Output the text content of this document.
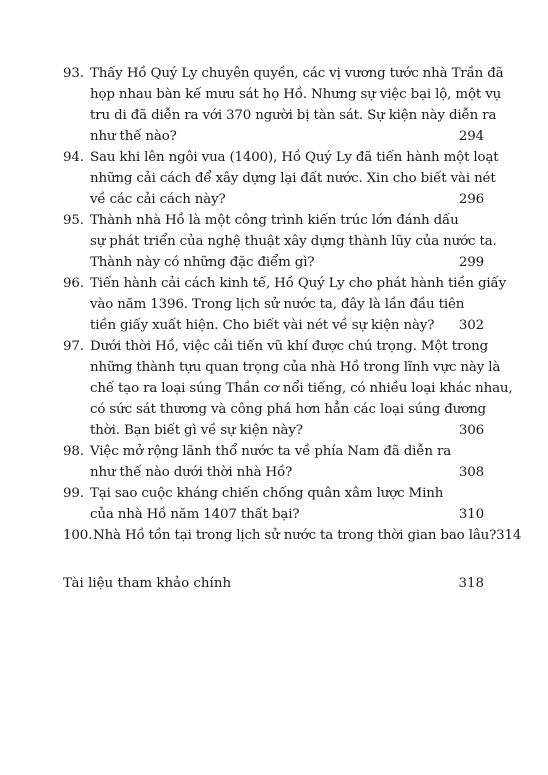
93. Thấy Hồ Quý Ly chuyên quyền, các vị vương tước nhà Trần đã
họp nhau bàn kế mưu sát họ Hồ. Nhưng sự việc bại lộ, một vụ
tru di đã diễn ra với 370 người bị tàn sát. Sự kiện này diễn ra
như thế nào?	294
94. Sau khi lên ngôi vua (1400), Hồ Quý Ly đã tiến hành một loạt
những cải cách để xây dựng lại đất nước. Xin cho biết vài nét
về các cải cách này?	296
95. Thành nhà Hồ là một công trình kiến trúc lớn đánh dấu
sự phát triển của nghệ thuật xây dựng thành lũy của nước ta.
Thành này có những đặc điểm gì?	299
96. Tiến hành cải cách kinh tế, Hồ Quý Ly cho phát hành tiền giấy
vào năm 1396. Trong lịch sử nước ta, đây là lần đầu tiên
tiền giấy xuất hiện. Cho biết vài nét về sự kiện này? 302
97. Dưới thời Hồ, việc cải tiến vũ khí được chú trọng. Một trong
những thành tựu quan trọng của nhà Hồ trong lĩnh vực này là
chế tạo ra loại súng Thần cơ nổi tiếng, có nhiều loại khác nhau,
có sức sát thương và công phá hơn hẳn các loại súng đương
thời. Bạn biết gì về sự kiện này?	306
98. Việc mở rộng lãnh thổ nước ta về phía Nam đã diễn ra
như thế nào dưới thời nhà Hồ?	308
99. Tại sao cuộc kháng chiến chống quân xâm lược Minh
của nhà Hồ năm 1407 thất bại?	310
100. Nhà Hồ tồn tại trong lịch sử nước ta trong thời gian bao lâu? 314
Tài liệu tham khảo chính	318
